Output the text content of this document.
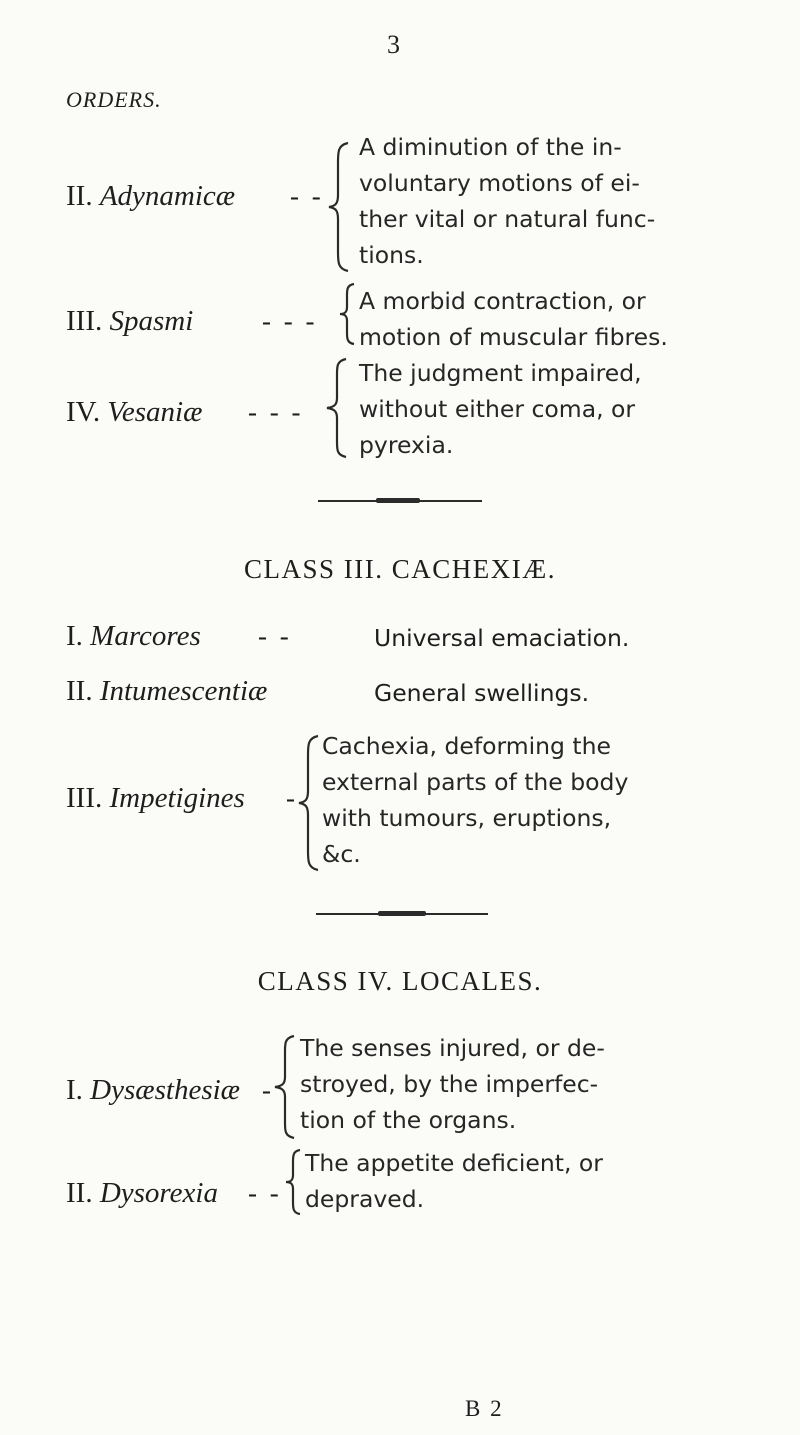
3
ORDERS.
II. Adynamicæ - -
A diminution of the in-
voluntary motions of ei-
ther vital or natural func-
tions.
III. Spasmi	- - -
A morbid contraction, or
motion of muscular fibres.
IV. Vesaniæ - - -
The judgment impaired,
without either coma, or
pyrexia.
CLASS III. CACHEXIÆ.
I. Marcores - -	Universal emaciation.
II. Intumescentiæ	General swellings.
III. Impetigines -
Cachexia, deforming the
external parts of the body
with tumours, eruptions,
&c.
CLASS IV. LOCALES.
I. Dysæsthesiæ -
The senses injured, or de-
stroyed, by the imperfec-
tion of the organs.
II. Dysorexia - -
The appetite deficient, or
depraved.
B 2
